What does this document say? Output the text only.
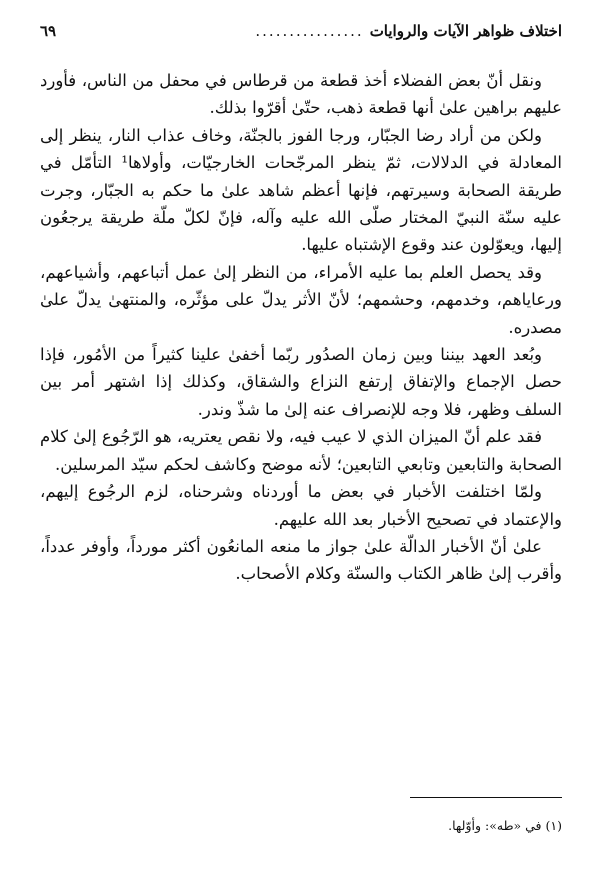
اختلاف ظواهر الآيات والروايات
................
٦٩

ونقل أنّ بعض الفضلاء أخذ قطعة من قرطاس في محفل من الناس، فأورد عليهم براهين علىٰ أنها قطعة ذهب، حتّىٰ أقرّوا بذلك.

ولكن من أراد رضا الجبّار، ورجا الفوز بالجنّة، وخاف عذاب النار، ينظر إلى المعادلة في الدلالات، ثمّ ينظر المرجّحات الخارجيّات، وأولاها¹ التأمّل في طريقة الصحابة وسيرتهم، فإنها أعظم شاهد علىٰ ما حكم به الجبّار، وجرت عليه سنّة النبيّ المختار صلّى الله عليه وآله، فإنّ لكلّ ملّة طريقة يرجعُون إليها، ويعوّلون عند وقوع الإشتباه عليها.

وقد يحصل العلم بما عليه الأمراء، من النظر إلىٰ عمل أتباعهم، وأشياعهم، ورعاياهم، وخدمهم، وحشمهم؛ لأنّ الأثر يدلّ على مؤثّره، والمنتهىٰ يدلّ علىٰ مصدره.

وبُعد العهد بيننا وبين زمان الصدُور ربّما أخفىٰ علينا كثيراً من الأمُور، فإذا حصل الإجماع والإتفاق إرتفع النزاع والشقاق، وكذلك إذا اشتهر أمر بين السلف وظهر، فلا وجه للإنصراف عنه إلىٰ ما شذّ وندر.

فقد علم أنّ الميزان الذي لا عيب فيه، ولا نقص يعتريه، هو الرّجُوع إلىٰ كلام الصحابة والتابعين وتابعي التابعين؛ لأنه موضح وكاشف لحكم سيّد المرسلين.

ولمّا اختلفت الأخبار في بعض ما أوردناه وشرحناه، لزم الرجُوع إليهم، والإعتماد في تصحيح الأخبار بعد الله عليهم.

علىٰ أنّ الأخبار الدالّة علىٰ جواز ما منعه المانعُون أكثر مورداً، وأوفر عدداً، وأقرب إلىٰ ظاهر الكتاب والسنّة وكلام الأصحاب.

(١) في «طه»: وأوّلها.
